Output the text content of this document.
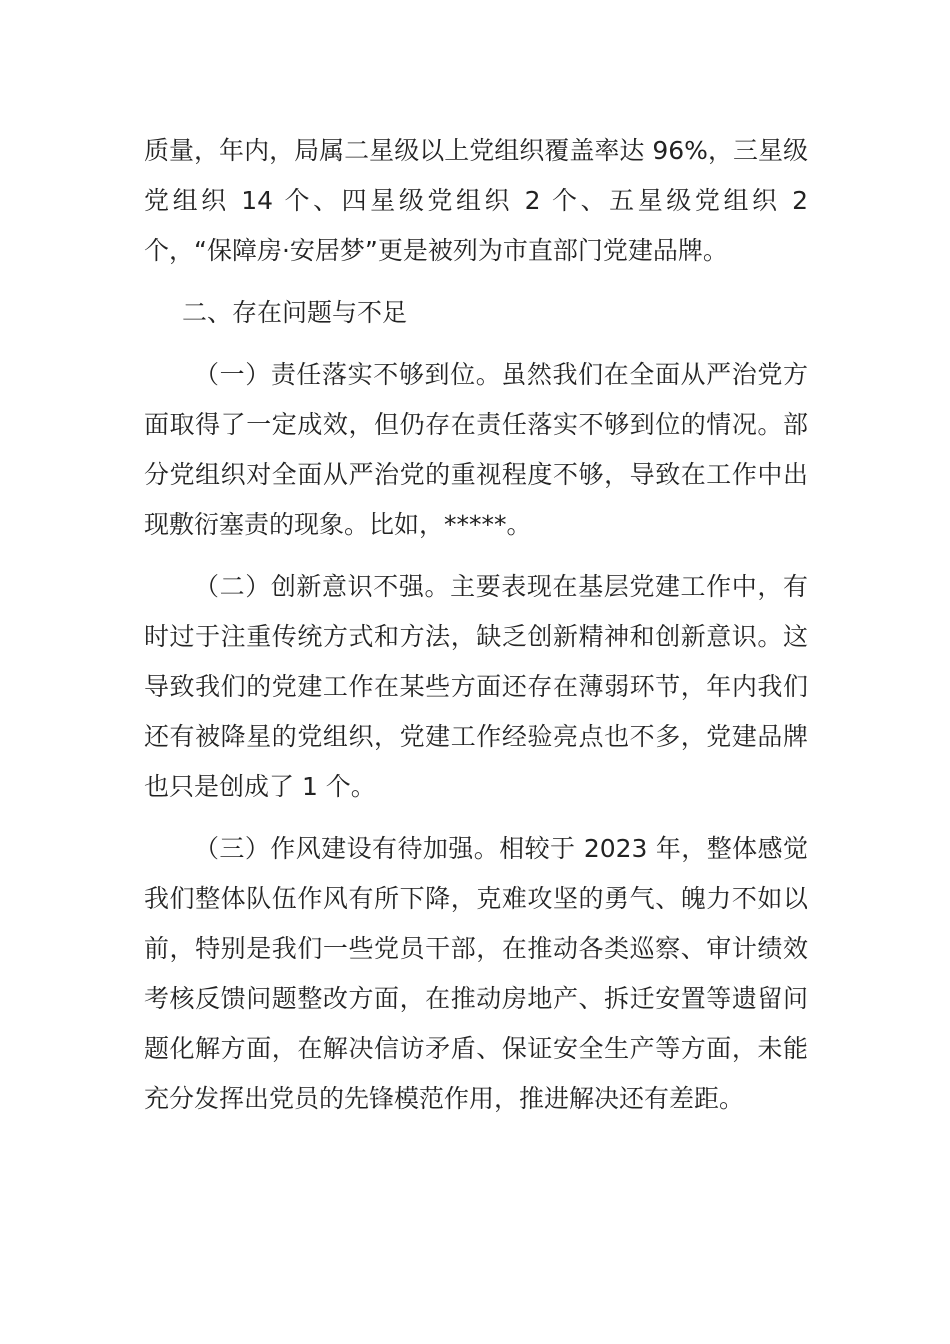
质量，年内，局属二星级以上党组织覆盖率达 96%，三星级党组织 14 个、四星级党组织 2 个、五星级党组织 2 个，“保障房·安居梦”更是被列为市直部门党建品牌。

二、存在问题与不足

（一）责任落实不够到位。虽然我们在全面从严治党方面取得了一定成效，但仍存在责任落实不够到位的情况。部分党组织对全面从严治党的重视程度不够，导致在工作中出现敷衍塞责的现象。比如，*****。

（二）创新意识不强。主要表现在基层党建工作中，有时过于注重传统方式和方法，缺乏创新精神和创新意识。这导致我们的党建工作在某些方面还存在薄弱环节，年内我们还有被降星的党组织，党建工作经验亮点也不多，党建品牌也只是创成了 1 个。

（三）作风建设有待加强。相较于 2023 年，整体感觉我们整体队伍作风有所下降，克难攻坚的勇气、魄力不如以前，特别是我们一些党员干部，在推动各类巡察、审计绩效考核反馈问题整改方面，在推动房地产、拆迁安置等遗留问题化解方面，在解决信访矛盾、保证安全生产等方面，未能充分发挥出党员的先锋模范作用，推进解决还有差距。
